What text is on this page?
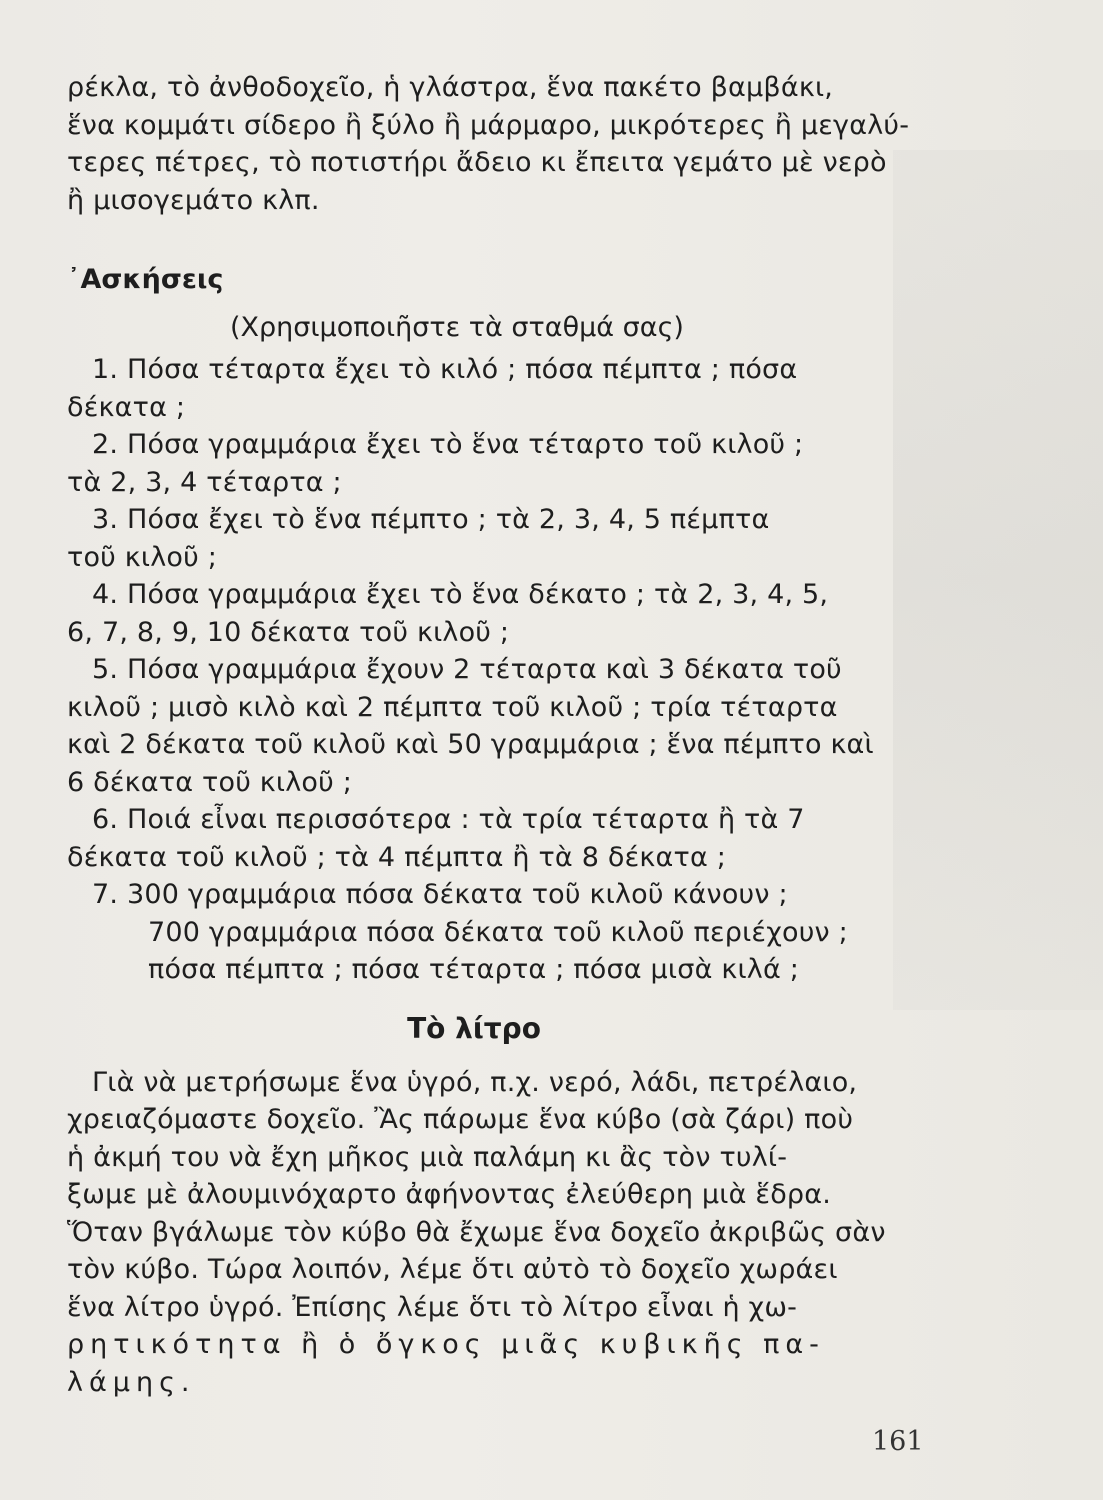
ρέκλα, τὸ ἀνθοδοχεῖο, ἡ γλάστρα, ἕνα πακέτο βαμβάκι,
ἕνα κομμάτι σίδερο ἢ ξύλο ἢ μάρμαρο, μικρότερες ἢ μεγαλύ-
τερες πέτρες, τὸ ποτιστήρι ἄδειο κι ἔπειτα γεμάτο μὲ νερὸ
ἢ μισογεμάτο κλπ.
᾿Ασκήσεις
(Χρησιμοποιῆστε τὰ σταθμά σας)
1. Πόσα τέταρτα ἔχει τὸ κιλό ; πόσα πέμπτα ; πόσα
δέκατα ;
2. Πόσα γραμμάρια ἔχει τὸ ἕνα τέταρτο τοῦ κιλοῦ ;
τὰ 2, 3, 4 τέταρτα ;
3. Πόσα ἔχει τὸ ἕνα πέμπτο ; τὰ 2, 3, 4, 5 πέμπτα
τοῦ κιλοῦ ;
4. Πόσα γραμμάρια ἔχει τὸ ἕνα δέκατο ; τὰ 2, 3, 4, 5,
6, 7, 8, 9, 10 δέκατα τοῦ κιλοῦ ;
5. Πόσα γραμμάρια ἔχουν 2 τέταρτα καὶ 3 δέκατα τοῦ
κιλοῦ ; μισὸ κιλὸ καὶ 2 πέμπτα τοῦ κιλοῦ ; τρία τέταρτα
καὶ 2 δέκατα τοῦ κιλοῦ καὶ 50 γραμμάρια ; ἕνα πέμπτο καὶ
6 δέκατα τοῦ κιλοῦ ;
6. Ποιά εἶναι περισσότερα : τὰ τρία τέταρτα ἢ τὰ 7
δέκατα τοῦ κιλοῦ ; τὰ 4 πέμπτα ἢ τὰ 8 δέκατα ;
7. 300 γραμμάρια πόσα δέκατα τοῦ κιλοῦ κάνουν ;
700 γραμμάρια πόσα δέκατα τοῦ κιλοῦ περιέχουν ;
πόσα πέμπτα ; πόσα τέταρτα ; πόσα μισὰ κιλά ;
Τὸ λίτρο
Γιὰ νὰ μετρήσωμε ἕνα ὑγρό, π.χ. νερό, λάδι, πετρέλαιο,
χρειαζόμαστε δοχεῖο. Ἂς πάρωμε ἕνα κύβο (σὰ ζάρι) ποὺ
ἡ ἀκμή του νὰ ἔχη μῆκος μιὰ παλάμη κι ἂς τὸν τυλί-
ξωμε μὲ ἀλουμινόχαρτο ἀφήνοντας ἐλεύθερη μιὰ ἕδρα.
Ὅταν βγάλωμε τὸν κύβο θὰ ἔχωμε ἕνα δοχεῖο ἀκριβῶς σὰν
τὸν κύβο. Τώρα λοιπόν, λέμε ὅτι αὐτὸ τὸ δοχεῖο χωράει
ἕνα λίτρο ὑγρό. Ἐπίσης λέμε ὅτι τὸ λίτρο εἶναι ἡ χω-
ρητικότητα ἢ ὁ ὄγκος μιᾶς κυβικῆς πα-
λάμης.
161
